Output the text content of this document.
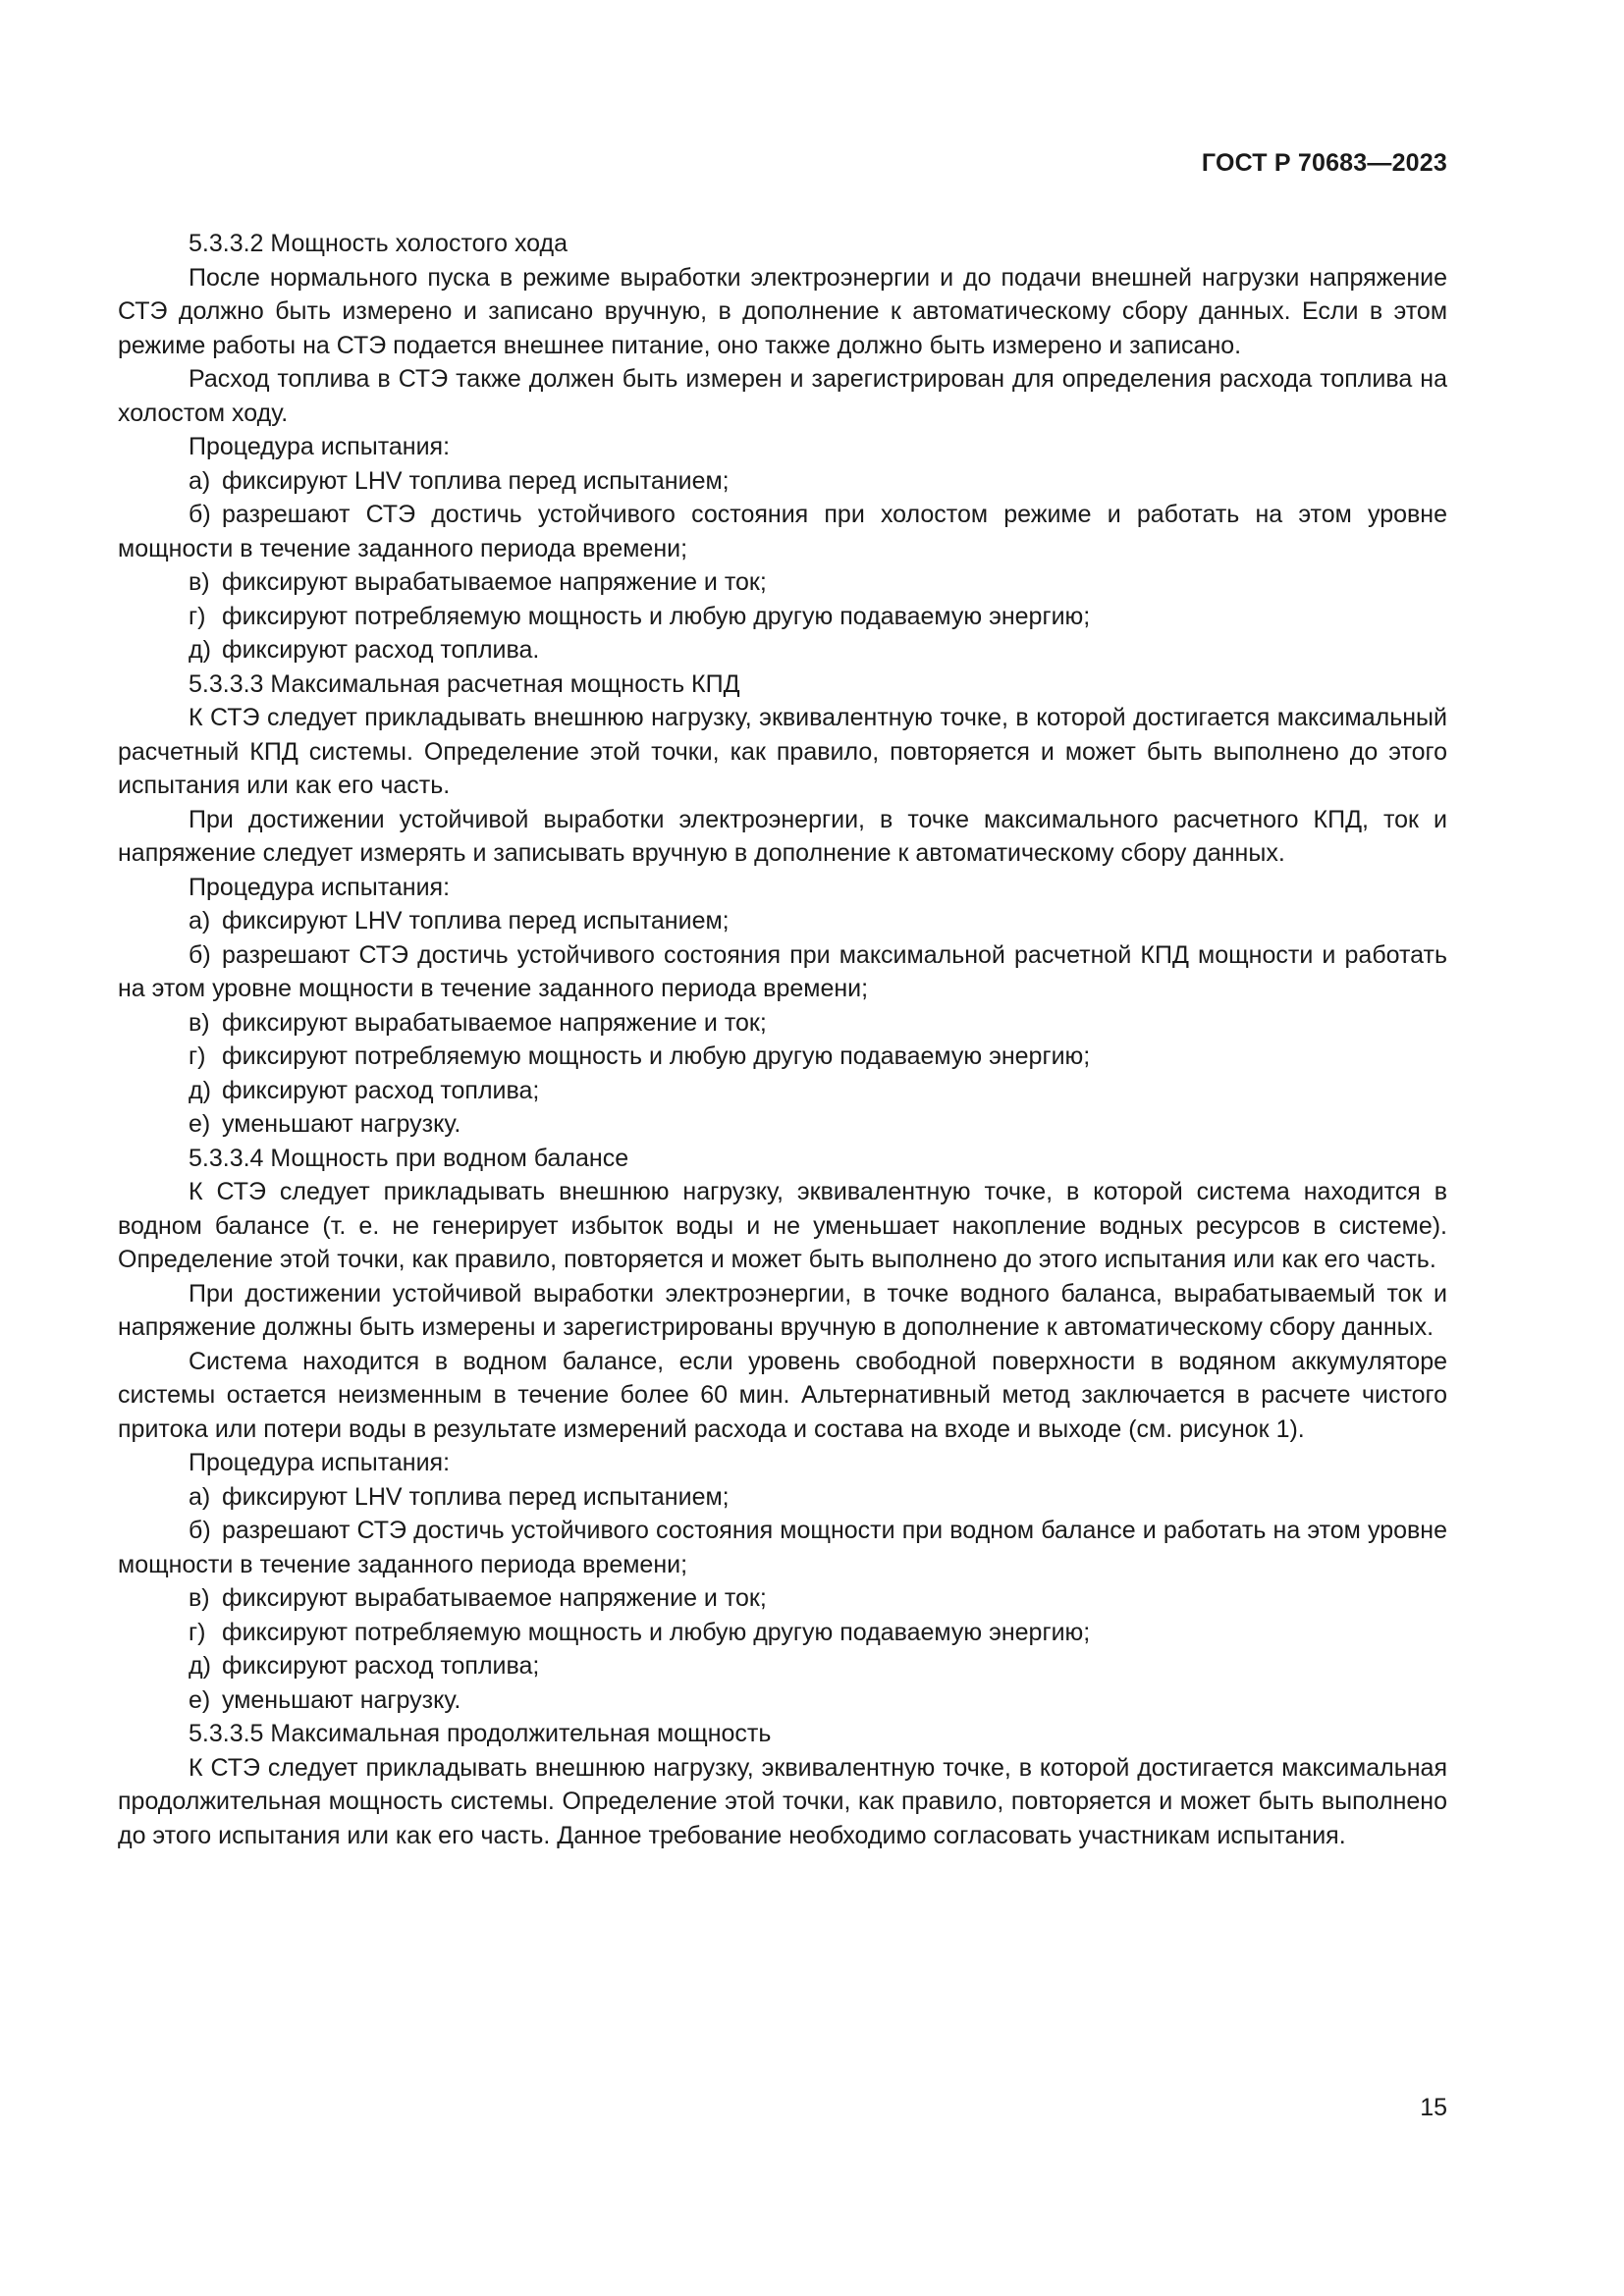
ГОСТ Р 70683—2023

5.3.3.2 Мощность холостого хода

После нормального пуска в режиме выработки электроэнергии и до подачи внешней нагрузки напряжение СТЭ должно быть измерено и записано вручную, в дополнение к автоматическому сбору данных. Если в этом режиме работы на СТЭ подается внешнее питание, оно также должно быть измерено и записано.

Расход топлива в СТЭ также должен быть измерен и зарегистрирован для определения расхода топлива на холостом ходу.

Процедура испытания:

а) фиксируют LHV топлива перед испытанием;

б) разрешают СТЭ достичь устойчивого состояния при холостом режиме и работать на этом уровне мощности в течение заданного периода времени;

в) фиксируют вырабатываемое напряжение и ток;

г) фиксируют потребляемую мощность и любую другую подаваемую энергию;

д) фиксируют расход топлива.

5.3.3.3 Максимальная расчетная мощность КПД

К СТЭ следует прикладывать внешнюю нагрузку, эквивалентную точке, в которой достигается максимальный расчетный КПД системы. Определение этой точки, как правило, повторяется и может быть выполнено до этого испытания или как его часть.

При достижении устойчивой выработки электроэнергии, в точке максимального расчетного КПД, ток и напряжение следует измерять и записывать вручную в дополнение к автоматическому сбору данных.

Процедура испытания:

а) фиксируют LHV топлива перед испытанием;

б) разрешают СТЭ достичь устойчивого состояния при максимальной расчетной КПД мощности и работать на этом уровне мощности в течение заданного периода времени;

в) фиксируют вырабатываемое напряжение и ток;

г) фиксируют потребляемую мощность и любую другую подаваемую энергию;

д) фиксируют расход топлива;

е) уменьшают нагрузку.

5.3.3.4 Мощность при водном балансе

К СТЭ следует прикладывать внешнюю нагрузку, эквивалентную точке, в которой система находится в водном балансе (т. е. не генерирует избыток воды и не уменьшает накопление водных ресурсов в системе). Определение этой точки, как правило, повторяется и может быть выполнено до этого испытания или как его часть.

При достижении устойчивой выработки электроэнергии, в точке водного баланса, вырабатываемый ток и напряжение должны быть измерены и зарегистрированы вручную в дополнение к автоматическому сбору данных.

Система находится в водном балансе, если уровень свободной поверхности в водяном аккумуляторе системы остается неизменным в течение более 60 мин. Альтернативный метод заключается в расчете чистого притока или потери воды в результате измерений расхода и состава на входе и выходе (см. рисунок 1).

Процедура испытания:

а) фиксируют LHV топлива перед испытанием;

б) разрешают СТЭ достичь устойчивого состояния мощности при водном балансе и работать на этом уровне мощности в течение заданного периода времени;

в) фиксируют вырабатываемое напряжение и ток;

г) фиксируют потребляемую мощность и любую другую подаваемую энергию;

д) фиксируют расход топлива;

е) уменьшают нагрузку.

5.3.3.5 Максимальная продолжительная мощность

К СТЭ следует прикладывать внешнюю нагрузку, эквивалентную точке, в которой достигается максимальная продолжительная мощность системы. Определение этой точки, как правило, повторяется и может быть выполнено до этого испытания или как его часть. Данное требование необходимо согласовать участникам испытания.

15
